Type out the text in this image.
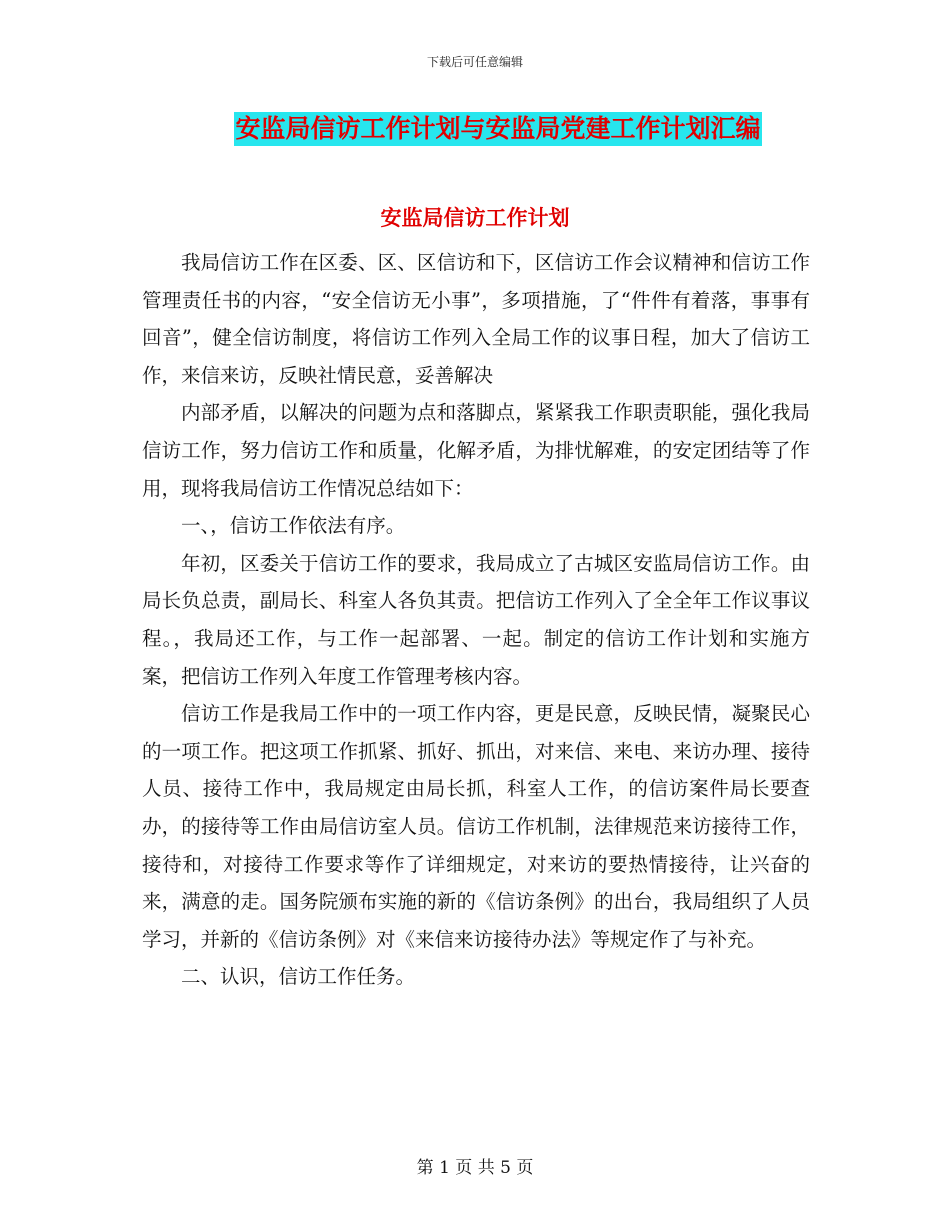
下载后可任意编辑
安监局信访工作计划与安监局党建工作计划汇编
安监局信访工作计划

我局信访工作在区委、区、区信访和下，区信访工作会议精神和信访工作管理责任书的内容，“安全信访无小事”，多项措施，了“件件有着落，事事有回音”，健全信访制度，将信访工作列入全局工作的议事日程，加大了信访工作，来信来访，反映社情民意，妥善解决

内部矛盾，以解决的问题为点和落脚点，紧紧我工作职责职能，强化我局信访工作，努力信访工作和质量，化解矛盾，为排忧解难，的安定团结等了作用，现将我局信访工作情况总结如下：

一、，信访工作依法有序。

年初，区委关于信访工作的要求，我局成立了古城区安监局信访工作。由局长负总责，副局长、科室人各负其责。把信访工作列入了全全年工作议事议程。，我局还工作，与工作一起部署、一起。制定的信访工作计划和实施方案，把信访工作列入年度工作管理考核内容。

信访工作是我局工作中的一项工作内容，更是民意，反映民情，凝聚民心的一项工作。把这项工作抓紧、抓好、抓出，对来信、来电、来访办理、接待人员、接待工作中，我局规定由局长抓，科室人工作，的信访案件局长要查办，的接待等工作由局信访室人员。信访工作机制，法律规范来访接待工作，接待和，对接待工作要求等作了详细规定，对来访的要热情接待，让兴奋的来，满意的走。国务院颁布实施的新的《信访条例》的出台，我局组织了人员学习，并新的《信访条例》对《来信来访接待办法》等规定作了与补充。

二、认识，信访工作任务。

第 1 页 共 5 页
